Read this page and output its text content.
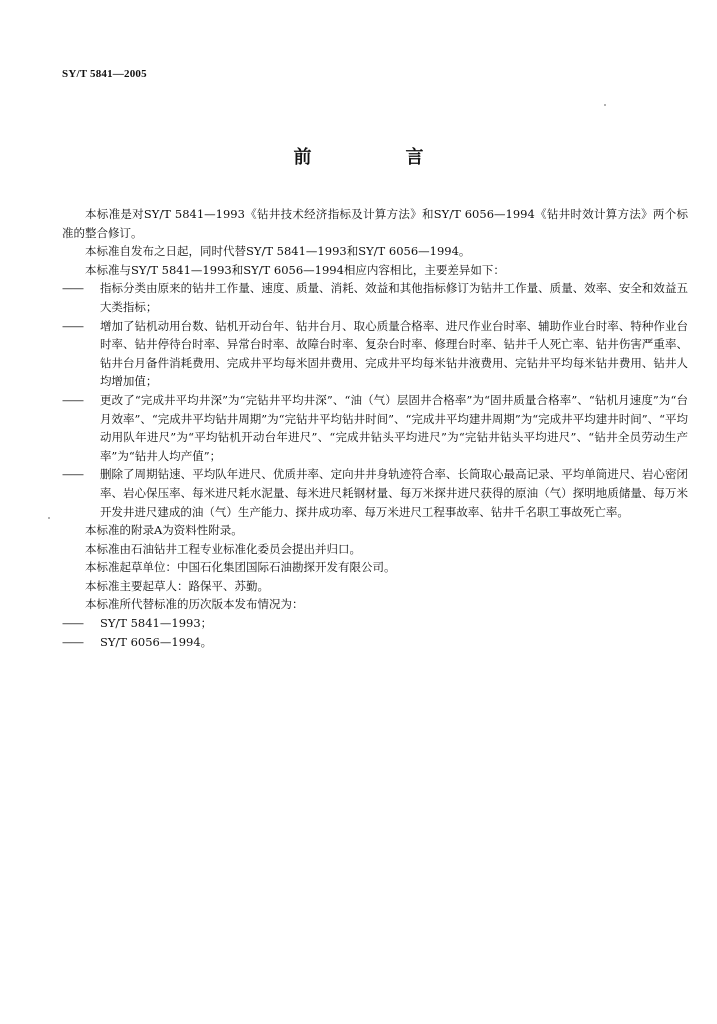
SY/T 5841—2005
前　言

本标准是对SY/T 5841—1993《钻井技术经济指标及计算方法》和SY/T 6056—1994《钻井时效计算方法》两个标准的整合修订。

本标准自发布之日起，同时代替SY/T 5841—1993和SY/T 6056—1994。

本标准与SY/T 5841—1993和SY/T 6056—1994相应内容相比，主要差异如下：

—— 指标分类由原来的钻井工作量、速度、质量、消耗、效益和其他指标修订为钻井工作量、质量、效率、安全和效益五大类指标；

—— 增加了钻机动用台数、钻机开动台年、钻井台月、取心质量合格率、进尺作业台时率、辅助作业台时率、特种作业台时率、钻井停待台时率、异常台时率、故障台时率、复杂台时率、修理台时率、钻井千人死亡率、钻井伤害严重率、钻井台月备件消耗费用、完成井平均每米固井费用、完成井平均每米钻井液费用、完钻井平均每米钻井费用、钻井人均增加值；

—— 更改了“完成井平均井深”为“完钻井平均井深”、“油（气）层固井合格率”为“固井质量合格率”、“钻机月速度”为“台月效率”、“完成井平均钻井周期”为“完钻井平均钻井时间”、“完成井平均建井周期”为“完成井平均建井时间”、“平均动用队年进尺”为“平均钻机开动台年进尺”、“完成井钻头平均进尺”为“完钻井钻头平均进尺”、“钻井全员劳动生产率”为“钻井人均产值”；

—— 删除了周期钻速、平均队年进尺、优质井率、定向井井身轨迹符合率、长筒取心最高记录、平均单筒进尺、岩心密闭率、岩心保压率、每米进尺耗水泥量、每米进尺耗钢材量、每万米探井进尺获得的原油（气）探明地质储量、每万米开发井进尺建成的油（气）生产能力、探井成功率、每万米进尺工程事故率、钻井千名职工事故死亡率。

本标准的附录A为资料性附录。

本标准由石油钻井工程专业标准化委员会提出并归口。

本标准起草单位：中国石化集团国际石油勘探开发有限公司。

本标准主要起草人：路保平、苏勤。

本标准所代替标准的历次版本发布情况为：

—— SY/T 5841—1993；

—— SY/T 6056—1994。
